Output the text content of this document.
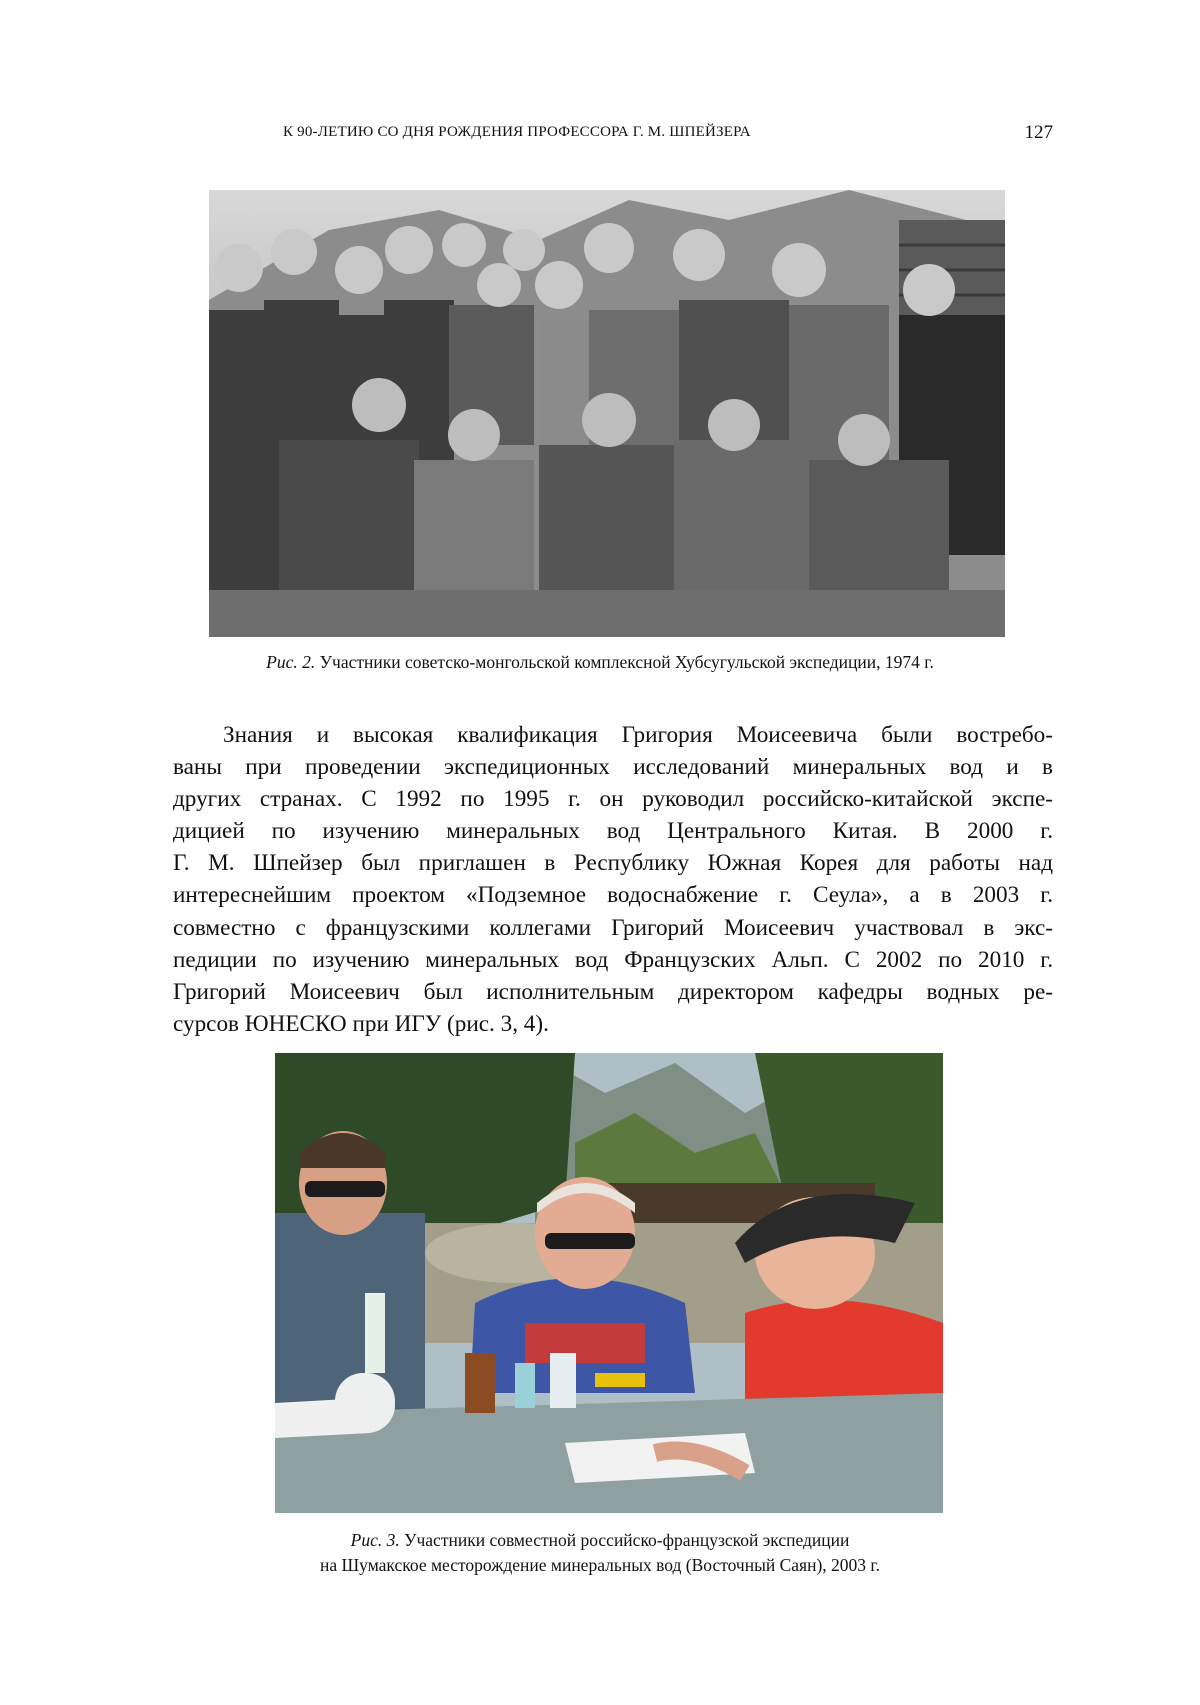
К 90-ЛЕТИЮ СО ДНЯ РОЖДЕНИЯ ПРОФЕССОРА Г. М. ШПЕЙЗЕРА	127
Рис. 2. Участники советско-монгольской комплексной Хубсугульской экспедиции, 1974 г.
Знания и высокая квалификация Григория Моисеевича были востребо-
ваны при проведении экспедиционных исследований минеральных вод и в
других странах. С 1992 по 1995 г. он руководил российско-китайской экспе-
дицией по изучению минеральных вод Центрального Китая. В 2000 г.
Г. М. Шпейзер был приглашен в Республику Южная Корея для работы над
интереснейшим проектом «Подземное водоснабжение г. Сеула», а в 2003 г.
совместно с французскими коллегами Григорий Моисеевич участвовал в экс-
педиции по изучению минеральных вод Французских Альп. С 2002 по 2010 г.
Григорий Моисеевич был исполнительным директором кафедры водных ре-
сурсов ЮНЕСКО при ИГУ (рис. 3, 4).
Рис. 3. Участники совместной российско-французской экспедиции
на Шумакское месторождение минеральных вод (Восточный Саян), 2003 г.
